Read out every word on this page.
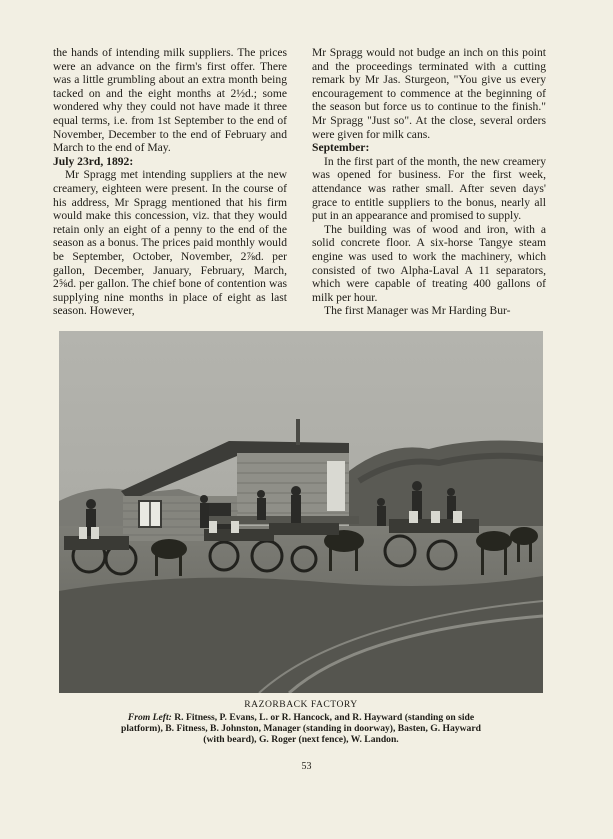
the hands of intending milk suppliers. The prices were an advance on the firm's first offer. There was a little grumbling about an extra month being tacked on and the eight months at 2½d.; some wondered why they could not have made it three equal terms, i.e. from 1st September to the end of November, December to the end of February and March to the end of May.

July 23rd, 1892:

Mr Spragg met intending suppliers at the new creamery, eighteen were present. In the course of his address, Mr Spragg mentioned that his firm would make this concession, viz. that they would retain only an eight of a penny to the end of the season as a bonus. The prices paid monthly would be September, October, November, 2⅞d. per gallon, December, January, February, March, 2⅝d. per gallon. The chief bone of contention was supplying nine months in place of eight as last season. However,

Mr Spragg would not budge an inch on this point and the proceedings terminated with a cutting remark by Mr Jas. Sturgeon, "You give us every encouragement to commence at the beginning of the season but force us to continue to the finish." Mr Spragg "Just so". At the close, several orders were given for milk cans.

September:

In the first part of the month, the new creamery was opened for business. For the first week, attendance was rather small. After seven days' grace to entitle suppliers to the bonus, nearly all put in an appearance and promised to supply.

The building was of wood and iron, with a solid concrete floor. A six-horse Tangye steam engine was used to work the machinery, which consisted of two Alpha-Laval A 11 separators, which were capable of treating 400 gallons of milk per hour.

The first Manager was Mr Harding Bur-

RAZORBACK FACTORY
From Left: R. Fitness, P. Evans, L. or R. Hancock, and R. Hayward (standing on side platform), B. Fitness, B. Johnston, Manager (standing in doorway), Basten, G. Hayward (with beard), G. Roger (next fence), W. Landon.
53
